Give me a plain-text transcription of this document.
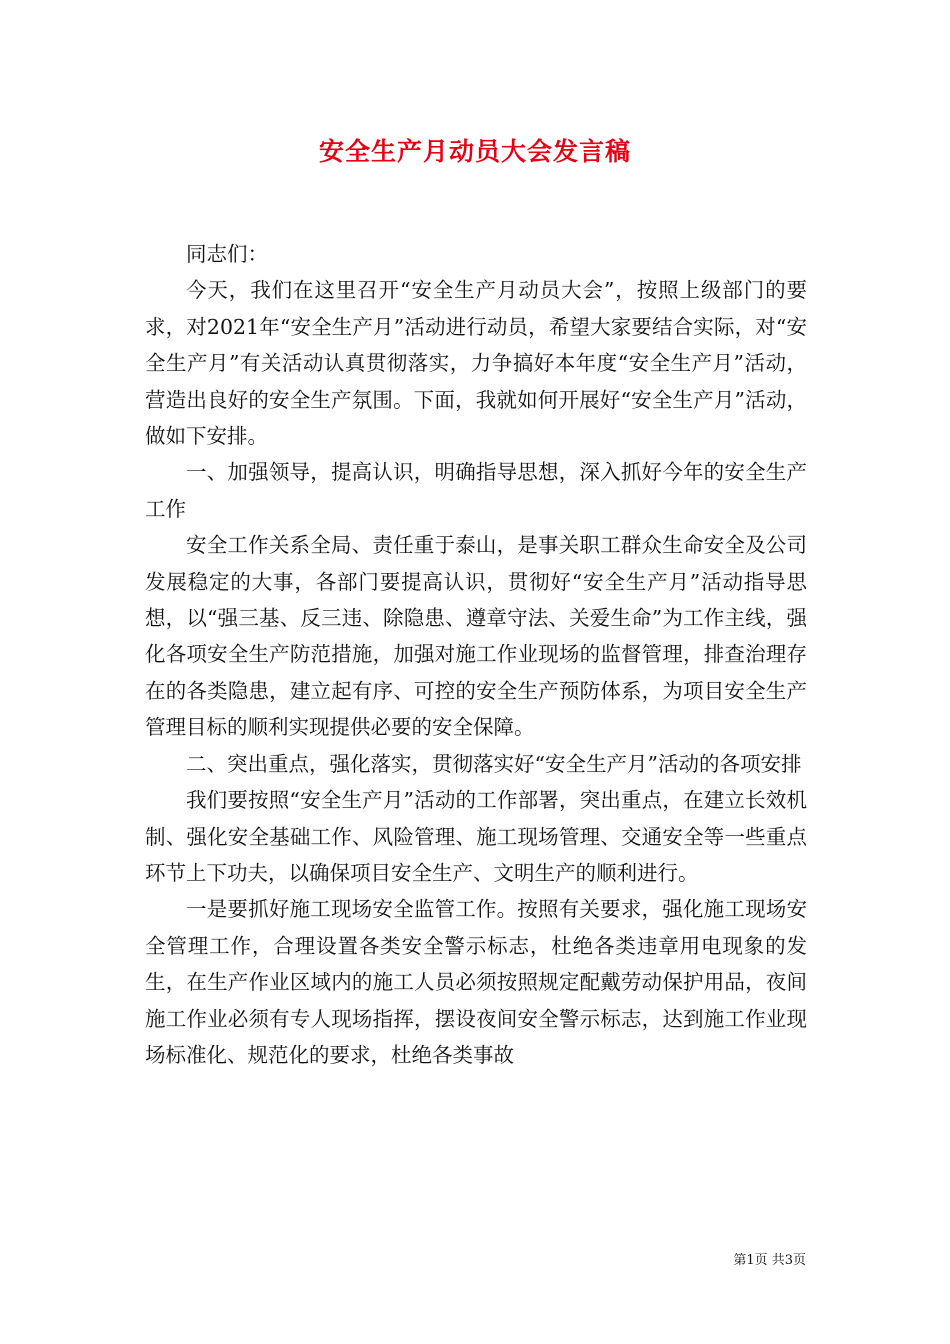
安全生产月动员大会发言稿

同志们：

今天，我们在这里召开“安全生产月动员大会”，按照上级部门的要求，对2021年“安全生产月”活动进行动员，希望大家要结合实际，对“安全生产月”有关活动认真贯彻落实，力争搞好本年度“安全生产月”活动，营造出良好的安全生产氛围。下面，我就如何开展好“安全生产月”活动，做如下安排。

一、加强领导，提高认识，明确指导思想，深入抓好今年的安全生产工作

安全工作关系全局、责任重于泰山，是事关职工群众生命安全及公司发展稳定的大事，各部门要提高认识，贯彻好“安全生产月”活动指导思想，以“强三基、反三违、除隐患、遵章守法、关爱生命”为工作主线，强化各项安全生产防范措施，加强对施工作业现场的监督管理，排查治理存在的各类隐患，建立起有序、可控的安全生产预防体系，为项目安全生产管理目标的顺利实现提供必要的安全保障。

二、突出重点，强化落实，贯彻落实好“安全生产月”活动的各项安排

我们要按照“安全生产月”活动的工作部署，突出重点，在建立长效机制、强化安全基础工作、风险管理、施工现场管理、交通安全等一些重点环节上下功夫，以确保项目安全生产、文明生产的顺利进行。

一是要抓好施工现场安全监管工作。按照有关要求，强化施工现场安全管理工作，合理设置各类安全警示标志，杜绝各类违章用电现象的发生，在生产作业区域内的施工人员必须按照规定配戴劳动保护用品，夜间施工作业必须有专人现场指挥，摆设夜间安全警示标志，达到施工作业现场标准化、规范化的要求，杜绝各类事故

第1页 共3页
